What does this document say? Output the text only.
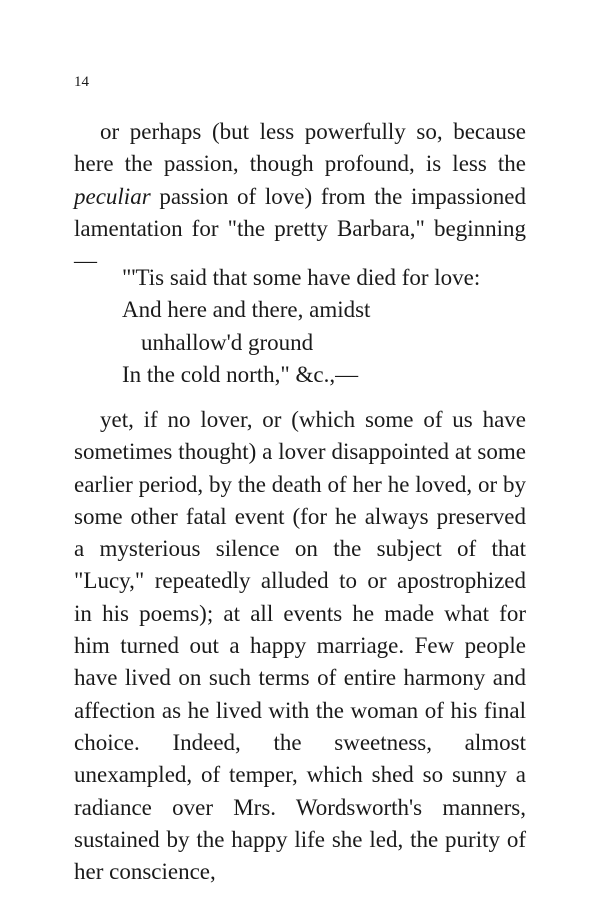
14

or perhaps (but less powerfully so, because here the passion, though profound, is less the peculiar passion of love) from the impassioned lamentation for "the pretty Barbara," beginning—

"'Tis said that some have died for love:
And here and there, amidst
unhallow'd ground
In the cold north," &c.,—

yet, if no lover, or (which some of us have sometimes thought) a lover disappointed at some earlier period, by the death of her he loved, or by some other fatal event (for he always preserved a mysterious silence on the subject of that "Lucy," repeatedly alluded to or apostrophized in his poems); at all events he made what for him turned out a happy marriage. Few people have lived on such terms of entire harmony and affection as he lived with the woman of his final choice. Indeed, the sweetness, almost unexampled, of temper, which shed so sunny a radiance over Mrs. Wordsworth's manners, sustained by the happy life she led, the purity of her conscience,
